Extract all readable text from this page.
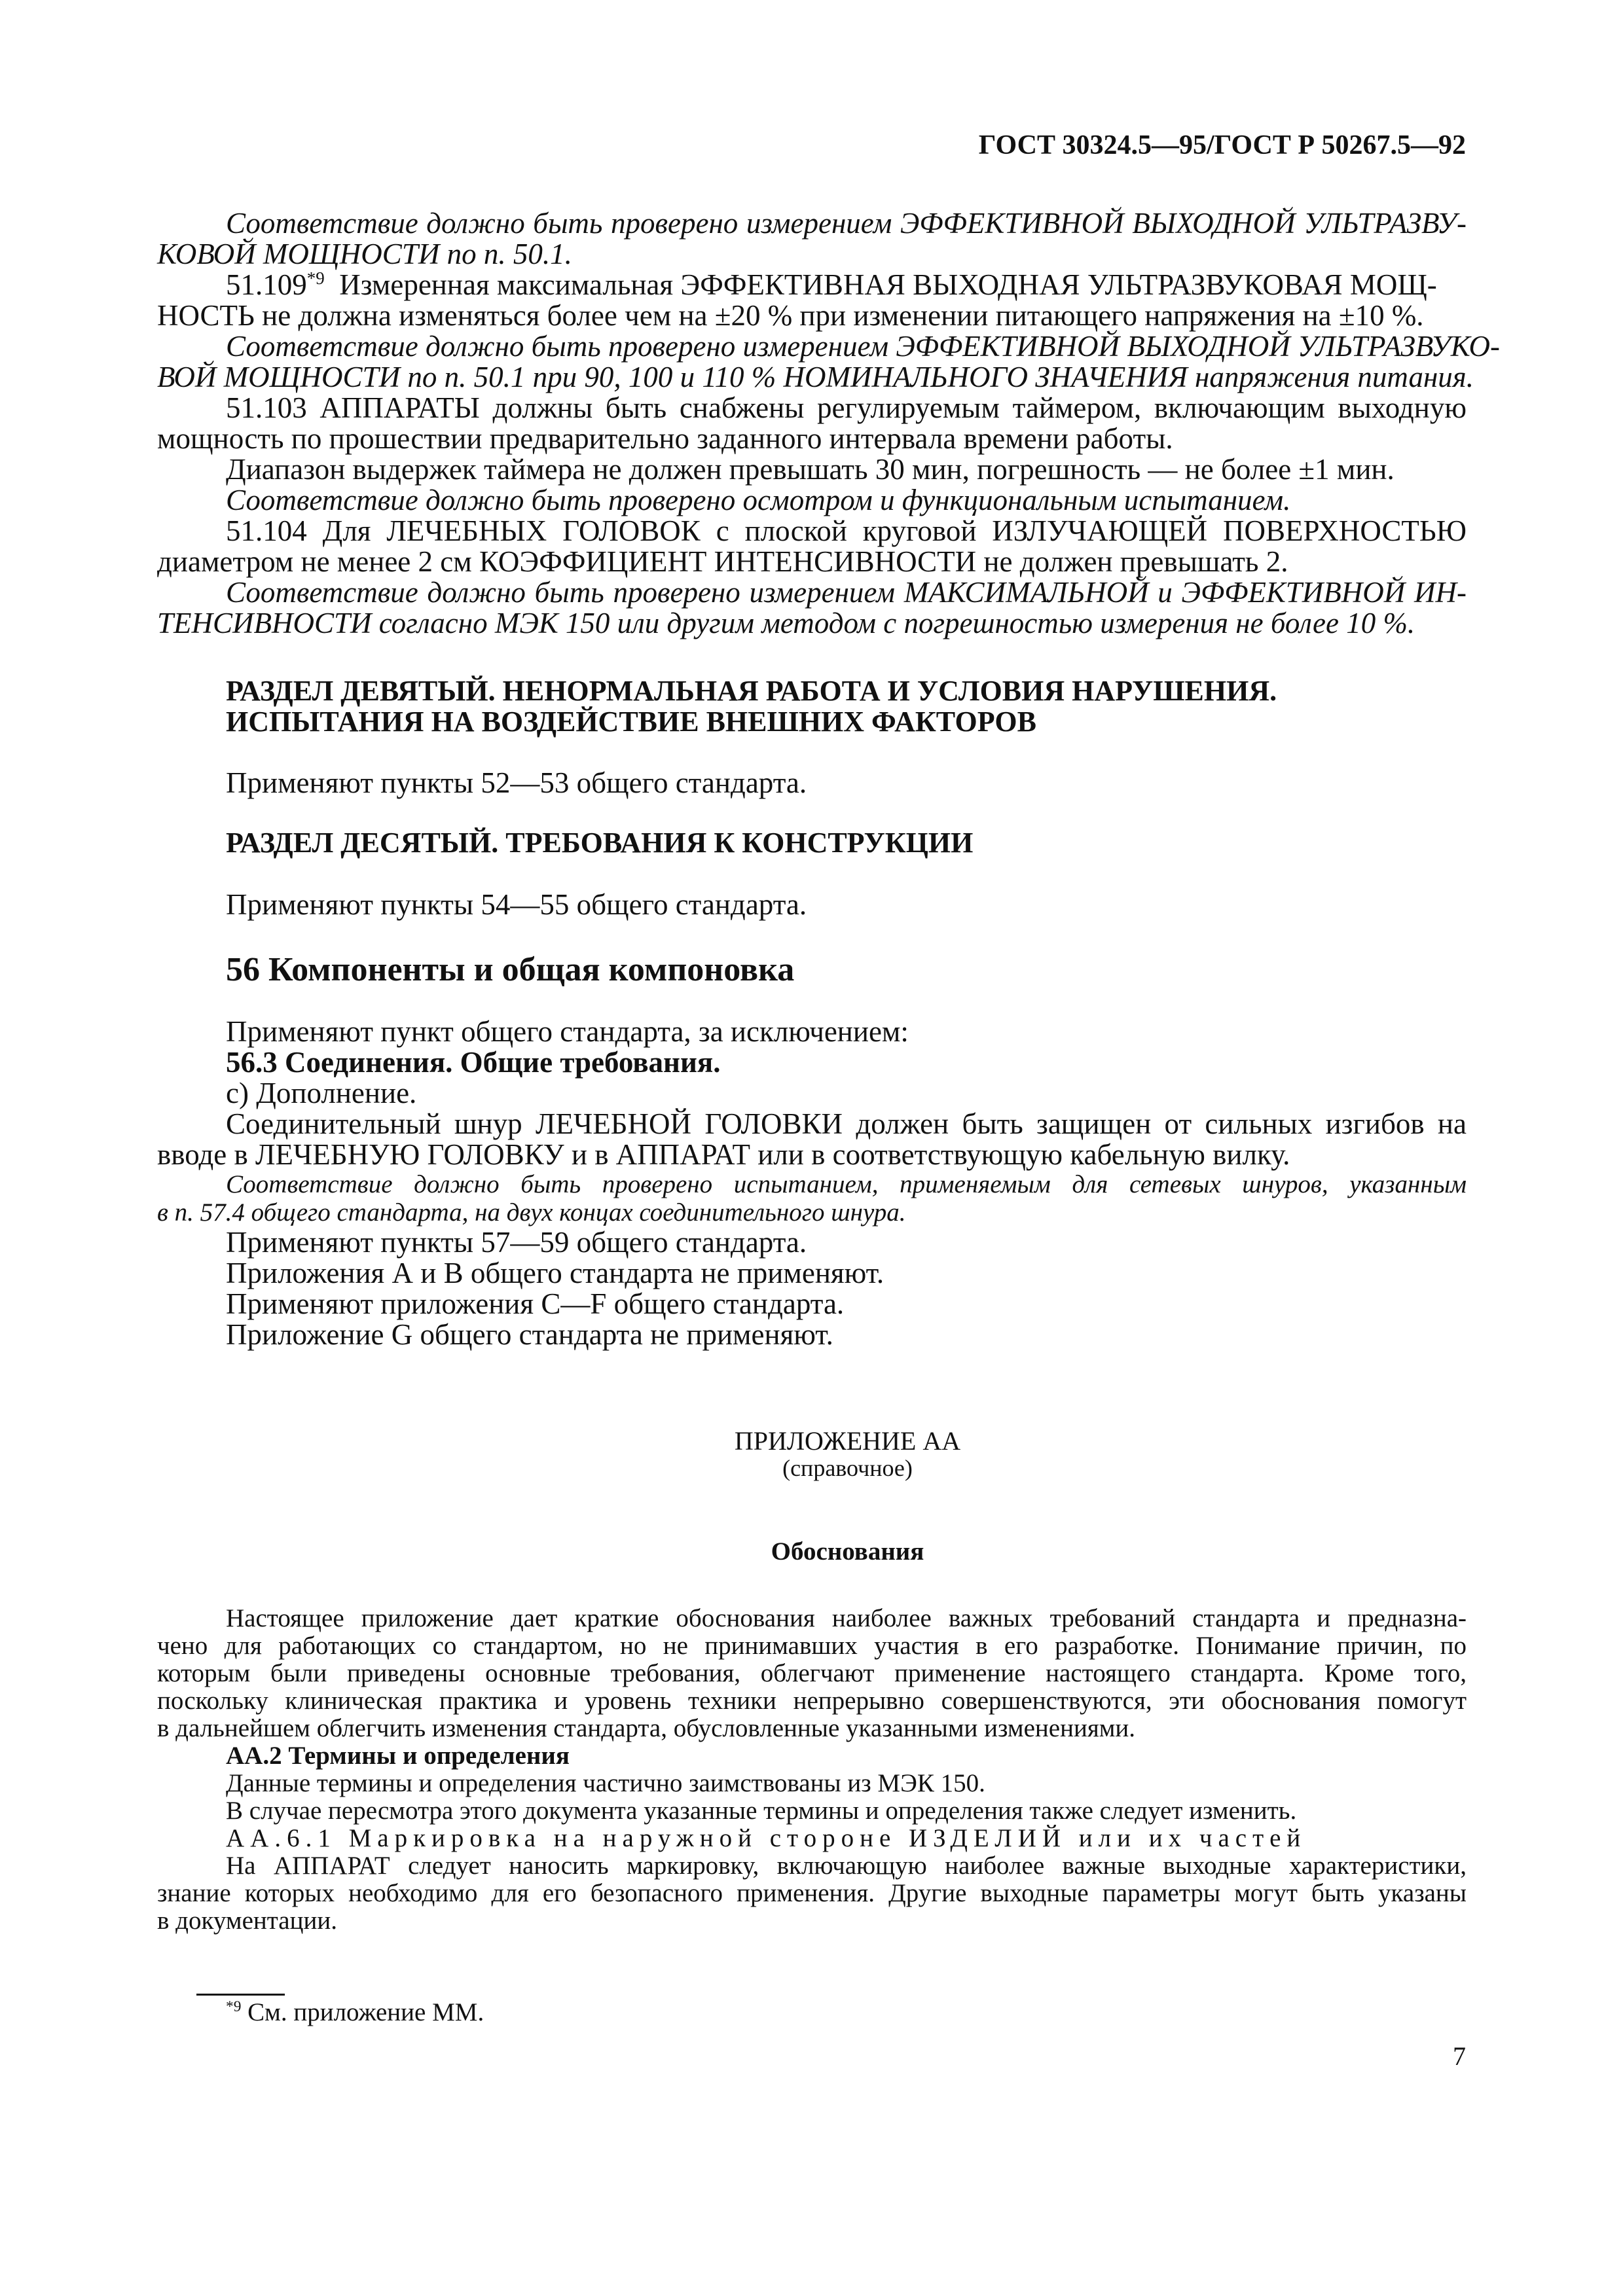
ГОСТ 30324.5—95/ГОСТ Р 50267.5—92

Соответствие должно быть проверено измерением ЭФФЕКТИВНОЙ ВЫХОДНОЙ УЛЬТРАЗВУ-

КОВОЙ МОЩНОСТИ по п. 50.1.

51.109$^{*9}$ Измеренная максимальная ЭФФЕКТИВНАЯ ВЫХОДНАЯ УЛЬТРАЗВУКОВАЯ МОЩ-

НОСТЬ не должна изменяться более чем на ±20 % при изменении питающего напряжения на ±10 %.

Соответствие должно быть проверено измерением ЭФФЕКТИВНОЙ ВЫХОДНОЙ УЛЬТРАЗВУКО-

ВОЙ МОЩНОСТИ по п. 50.1 при 90, 100 и 110 % НОМИНАЛЬНОГО ЗНАЧЕНИЯ напряжения питания.

51.103 АППАРАТЫ должны быть снабжены регулируемым таймером, включающим выходную

мощность по прошествии предварительно заданного интервала времени работы.

Диапазон выдержек таймера не должен превышать 30 мин, погрешность — не более ±1 мин.

Соответствие должно быть проверено осмотром и функциональным испытанием.

51.104 Для ЛЕЧЕБНЫХ ГОЛОВОК с плоской круговой ИЗЛУЧАЮЩЕЙ ПОВЕРХНОСТЬЮ

диаметром не менее 2 см КОЭФФИЦИЕНТ ИНТЕНСИВНОСТИ не должен превышать 2.

Соответствие должно быть проверено измерением МАКСИМАЛЬНОЙ и ЭФФЕКТИВНОЙ ИН-

ТЕНСИВНОСТИ согласно МЭК 150 или другим методом с погрешностью измерения не более 10 %.

РАЗДЕЛ ДЕВЯТЫЙ. НЕНОРМАЛЬНАЯ РАБОТА И УСЛОВИЯ НАРУШЕНИЯ.

ИСПЫТАНИЯ НА ВОЗДЕЙСТВИЕ ВНЕШНИХ ФАКТОРОВ

Применяют пункты 52—53 общего стандарта.

РАЗДЕЛ ДЕСЯТЫЙ. ТРЕБОВАНИЯ К КОНСТРУКЦИИ

Применяют пункты 54—55 общего стандарта.

56 Компоненты и общая компоновка

Применяют пункт общего стандарта, за исключением:

56.3 Соединения. Общие требования.

с) Дополнение.

Соединительный шнур ЛЕЧЕБНОЙ ГОЛОВКИ должен быть защищен от сильных изгибов на

вводе в ЛЕЧЕБНУЮ ГОЛОВКУ и в АППАРАТ или в соответствующую кабельную вилку.

Соответствие должно быть проверено испытанием, применяемым для сетевых шнуров, указанным

в п. 57.4 общего стандарта, на двух концах соединительного шнура.

Применяют пункты 57—59 общего стандарта.

Приложения А и В общего стандарта не применяют.

Применяют приложения С—F общего стандарта.

Приложение G общего стандарта не применяют.

ПРИЛОЖЕНИЕ АА

(справочное)

Обоснования

Настоящее приложение дает краткие обоснования наиболее важных требований стандарта и предназна-

чено для работающих со стандартом, но не принимавших участия в его разработке. Понимание причин, по

которым были приведены основные требования, облегчают применение настоящего стандарта. Кроме того,

поскольку клиническая практика и уровень техники непрерывно совершенствуются, эти обоснования помогут

в дальнейшем облегчить изменения стандарта, обусловленные указанными изменениями.

АА.2 Термины и определения

Данные термины и определения частично заимствованы из МЭК 150.

В случае пересмотра этого документа указанные термины и определения также следует изменить.

АА.6.1 Маркировка на наружной стороне ИЗДЕЛИЙ или их частей

На АППАРАТ следует наносить маркировку, включающую наиболее важные выходные характеристики,

знание которых необходимо для его безопасного применения. Другие выходные параметры могут быть указаны

в документации.

$^{*9}$ См. приложение ММ.

7
